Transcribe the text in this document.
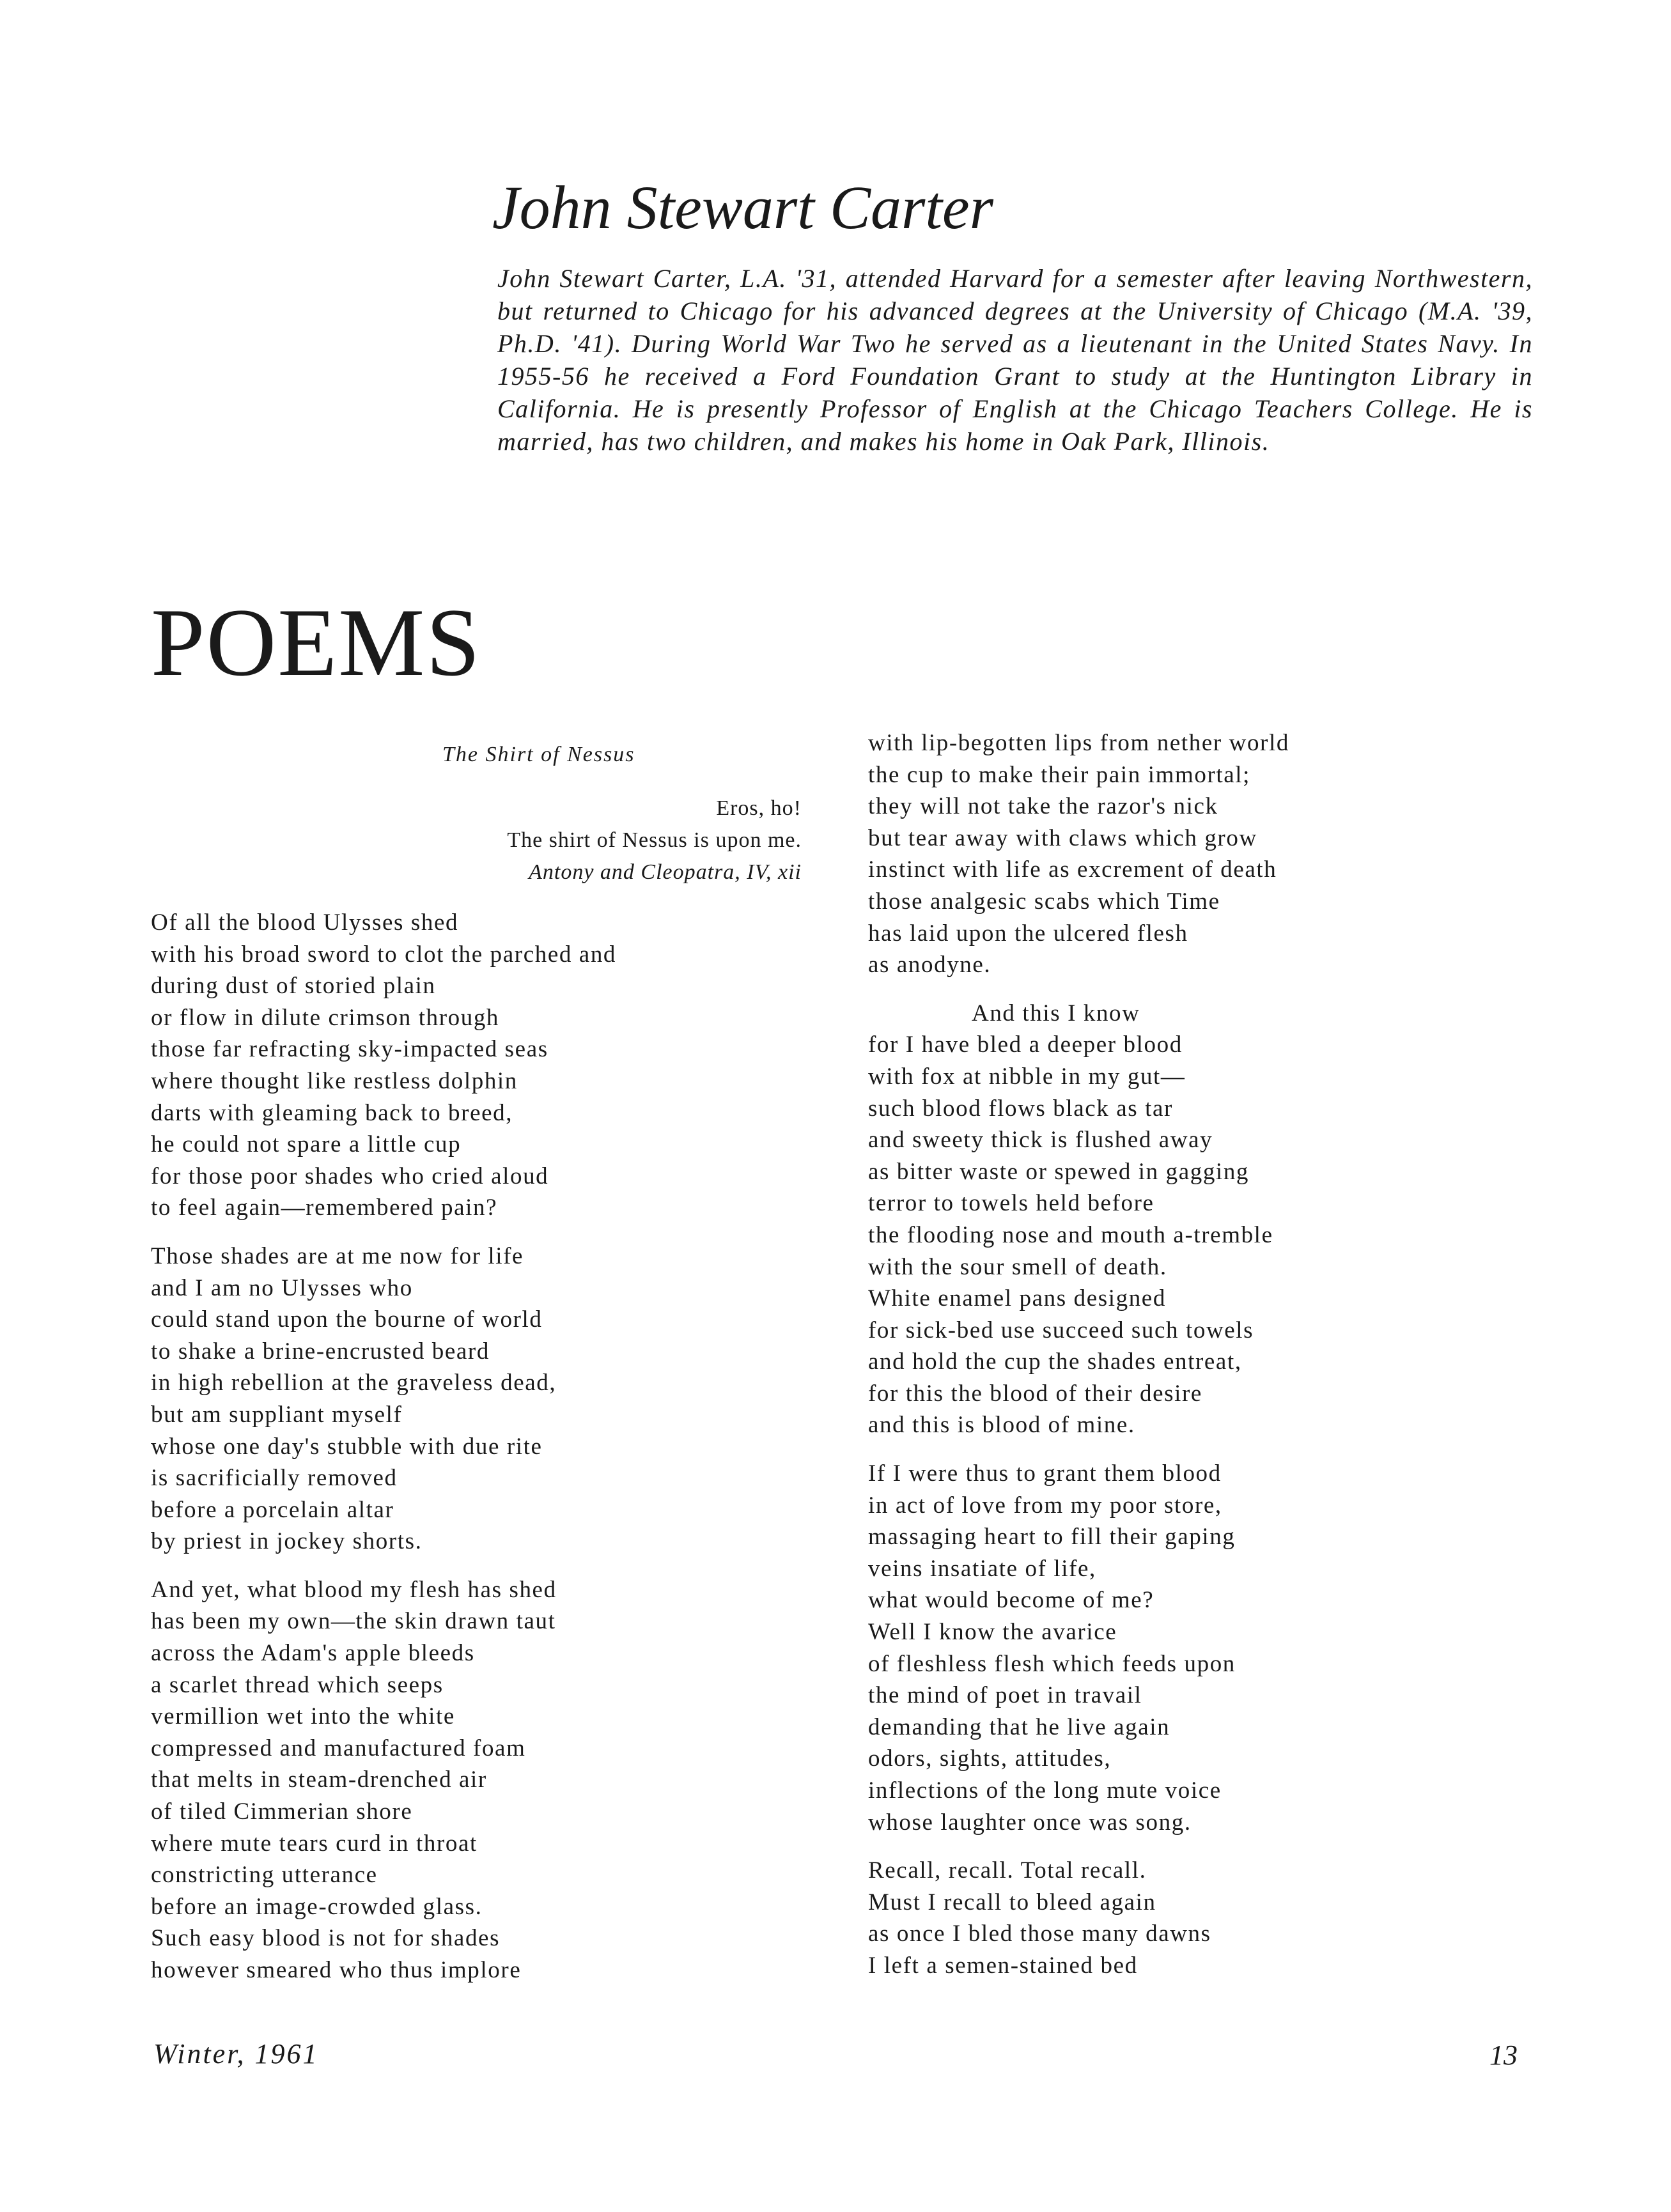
John Stewart Carter

John Stewart Carter, L.A. '31, attended Harvard for a semester after leaving Northwestern, but returned to Chicago for his advanced degrees at the University of Chicago (M.A. '39, Ph.D. '41). During World War Two he served as a lieutenant in the United States Navy. In 1955-56 he received a Ford Foundation Grant to study at the Huntington Library in California. He is presently Professor of English at the Chicago Teachers College. He is married, has two children, and makes his home in Oak Park, Illinois.

POEMS
The Shirt of Nessus
Eros, ho!
The shirt of Nessus is upon me.
Antony and Cleopatra, IV, xii
Of all the blood Ulysses shed
with his broad sword to clot the parched and
during dust of storied plain
or flow in dilute crimson through
those far refracting sky-impacted seas
where thought like restless dolphin
darts with gleaming back to breed,
he could not spare a little cup
for those poor shades who cried aloud
to feel again—remembered pain?
Those shades are at me now for life
and I am no Ulysses who
could stand upon the bourne of world
to shake a brine-encrusted beard
in high rebellion at the graveless dead,
but am suppliant myself
whose one day's stubble with due rite
is sacrificially removed
before a porcelain altar
by priest in jockey shorts.
And yet, what blood my flesh has shed
has been my own—the skin drawn taut
across the Adam's apple bleeds
a scarlet thread which seeps
vermillion wet into the white
compressed and manufactured foam
that melts in steam-drenched air
of tiled Cimmerian shore
where mute tears curd in throat
constricting utterance
before an image-crowded glass.
Such easy blood is not for shades
however smeared who thus implore
with lip-begotten lips from nether world
the cup to make their pain immortal;
they will not take the razor's nick
but tear away with claws which grow
instinct with life as excrement of death
those analgesic scabs which Time
has laid upon the ulcered flesh
as anodyne.
And this I know
for I have bled a deeper blood
with fox at nibble in my gut—
such blood flows black as tar
and sweety thick is flushed away
as bitter waste or spewed in gagging
terror to towels held before
the flooding nose and mouth a-tremble
with the sour smell of death.
White enamel pans designed
for sick-bed use succeed such towels
and hold the cup the shades entreat,
for this the blood of their desire
and this is blood of mine.
If I were thus to grant them blood
in act of love from my poor store,
massaging heart to fill their gaping
veins insatiate of life,
what would become of me?
Well I know the avarice
of fleshless flesh which feeds upon
the mind of poet in travail
demanding that he live again
odors, sights, attitudes,
inflections of the long mute voice
whose laughter once was song.
Recall, recall. Total recall.
Must I recall to bleed again
as once I bled those many dawns
I left a semen-stained bed
Winter, 1961	13
